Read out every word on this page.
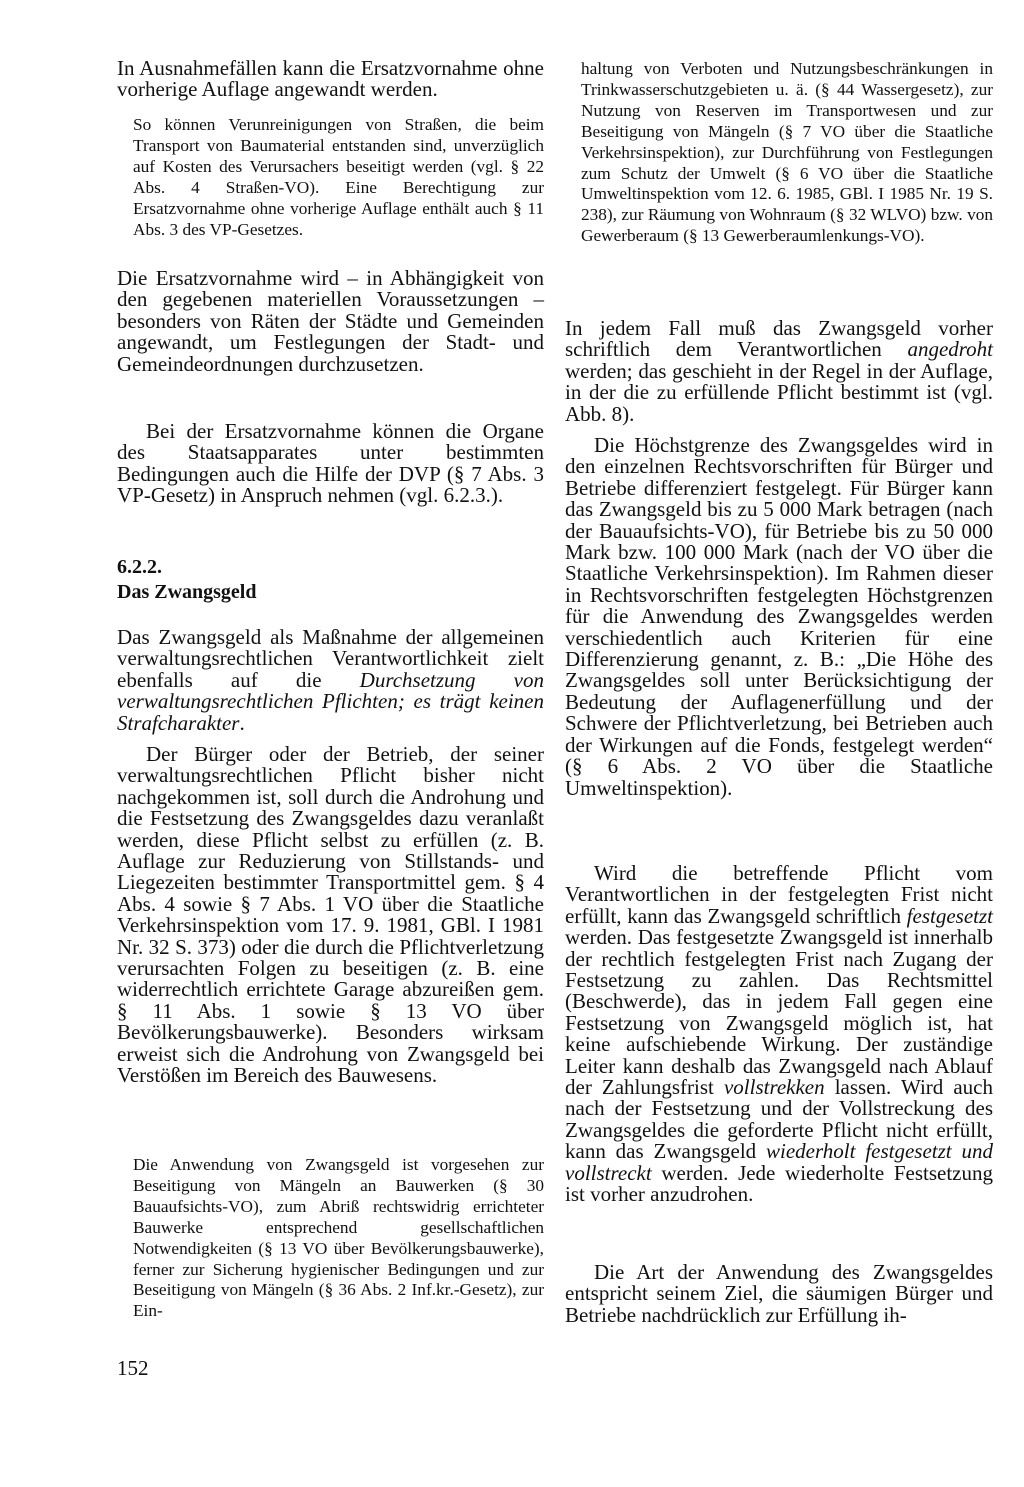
In Ausnahmefällen kann die Ersatzvornahme ohne vorherige Auflage angewandt werden.

So können Verunreinigungen von Straßen, die beim Transport von Baumaterial entstanden sind, unverzüglich auf Kosten des Verursachers beseitigt werden (vgl. § 22 Abs. 4 Straßen-VO). Eine Berechtigung zur Ersatzvornahme ohne vorherige Auflage enthält auch § 11 Abs. 3 des VP-Gesetzes.

Die Ersatzvornahme wird – in Abhängigkeit von den gegebenen materiellen Voraussetzungen – besonders von Räten der Städte und Gemeinden angewandt, um Festlegungen der Stadt- und Gemeindeordnungen durchzusetzen.

Bei der Ersatzvornahme können die Organe des Staatsapparates unter bestimmten Bedingungen auch die Hilfe der DVP (§ 7 Abs. 3 VP-Gesetz) in Anspruch nehmen (vgl. 6.2.3.).

6.2.2.
Das Zwangsgeld

Das Zwangsgeld als Maßnahme der allgemeinen verwaltungsrechtlichen Verantwortlichkeit zielt ebenfalls auf die Durchsetzung von verwaltungsrechtlichen Pflichten; es trägt keinen Strafcharakter.

Der Bürger oder der Betrieb, der seiner verwaltungsrechtlichen Pflicht bisher nicht nachgekommen ist, soll durch die Androhung und die Festsetzung des Zwangsgeldes dazu veranlaßt werden, diese Pflicht selbst zu erfüllen (z. B. Auflage zur Reduzierung von Stillstands- und Liegezeiten bestimmter Transportmittel gem. § 4 Abs. 4 sowie § 7 Abs. 1 VO über die Staatliche Verkehrsinspektion vom 17. 9. 1981, GBl. I 1981 Nr. 32 S. 373) oder die durch die Pflichtverletzung verursachten Folgen zu beseitigen (z. B. eine widerrechtlich errichtete Garage abzureißen gem. § 11 Abs. 1 sowie § 13 VO über Bevölkerungsbauwerke). Besonders wirksam erweist sich die Androhung von Zwangsgeld bei Verstößen im Bereich des Bauwesens.

Die Anwendung von Zwangsgeld ist vorgesehen zur Beseitigung von Mängeln an Bauwerken (§ 30 Bauaufsichts-VO), zum Abriß rechtswidrig errichteter Bauwerke entsprechend gesellschaftlichen Notwendigkeiten (§ 13 VO über Bevölkerungsbauwerke), ferner zur Sicherung hygienischer Bedingungen und zur Beseitigung von Mängeln (§ 36 Abs. 2 Inf.kr.-Gesetz), zur Ein-

haltung von Verboten und Nutzungsbeschränkungen in Trinkwasserschutzgebieten u. ä. (§ 44 Wassergesetz), zur Nutzung von Reserven im Transportwesen und zur Beseitigung von Mängeln (§ 7 VO über die Staatliche Verkehrsinspektion), zur Durchführung von Festlegungen zum Schutz der Umwelt (§ 6 VO über die Staatliche Umweltinspektion vom 12. 6. 1985, GBl. I 1985 Nr. 19 S. 238), zur Räumung von Wohnraum (§ 32 WLVO) bzw. von Gewerberaum (§ 13 Gewerberaumlenkungs-VO).

In jedem Fall muß das Zwangsgeld vorher schriftlich dem Verantwortlichen angedroht werden; das geschieht in der Regel in der Auflage, in der die zu erfüllende Pflicht bestimmt ist (vgl. Abb. 8).

Die Höchstgrenze des Zwangsgeldes wird in den einzelnen Rechtsvorschriften für Bürger und Betriebe differenziert festgelegt. Für Bürger kann das Zwangsgeld bis zu 5 000 Mark betragen (nach der Bauaufsichts-VO), für Betriebe bis zu 50 000 Mark bzw. 100 000 Mark (nach der VO über die Staatliche Verkehrsinspektion). Im Rahmen dieser in Rechtsvorschriften festgelegten Höchstgrenzen für die Anwendung des Zwangsgeldes werden verschiedentlich auch Kriterien für eine Differenzierung genannt, z. B.: „Die Höhe des Zwangsgeldes soll unter Berücksichtigung der Bedeutung der Auflagenerfüllung und der Schwere der Pflichtverletzung, bei Betrieben auch der Wirkungen auf die Fonds, festgelegt werden“ (§ 6 Abs. 2 VO über die Staatliche Umweltinspektion).

Wird die betreffende Pflicht vom Verantwortlichen in der festgelegten Frist nicht erfüllt, kann das Zwangsgeld schriftlich festgesetzt werden. Das festgesetzte Zwangsgeld ist innerhalb der rechtlich festgelegten Frist nach Zugang der Festsetzung zu zahlen. Das Rechtsmittel (Beschwerde), das in jedem Fall gegen eine Festsetzung von Zwangsgeld möglich ist, hat keine aufschiebende Wirkung. Der zuständige Leiter kann deshalb das Zwangsgeld nach Ablauf der Zahlungsfrist vollstrekken lassen. Wird auch nach der Festsetzung und der Vollstreckung des Zwangsgeldes die geforderte Pflicht nicht erfüllt, kann das Zwangsgeld wiederholt festgesetzt und vollstreckt werden. Jede wiederholte Festsetzung ist vorher anzudrohen.

Die Art der Anwendung des Zwangsgeldes entspricht seinem Ziel, die säumigen Bürger und Betriebe nachdrücklich zur Erfüllung ih-

152
